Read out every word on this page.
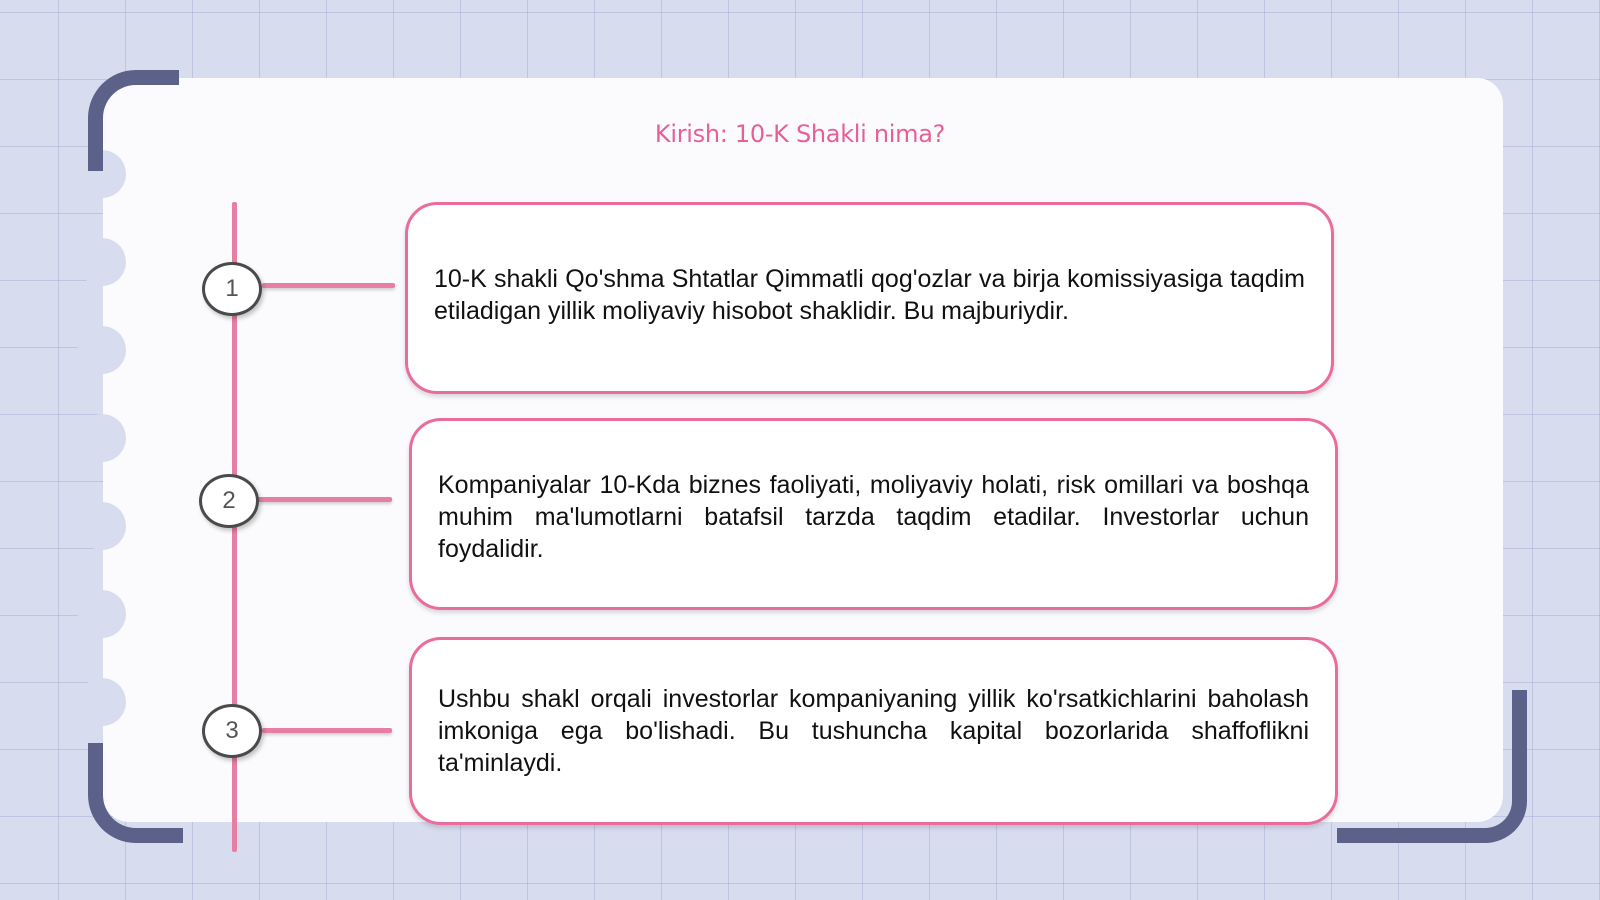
Kirish: 10-K Shakli nima?
1
2
3

10-K shakli Qo'shma Shtatlar Qimmatli qog'ozlar va birja komissiyasiga taqdim etiladigan yillik moliyaviy hisobot shaklidir. Bu majburiydir.

Kompaniyalar 10-Kda biznes faoliyati, moliyaviy holati, risk omillari va boshqa muhim ma'lumotlarni batafsil tarzda taqdim etadilar. Investorlar uchun foydalidir.

Ushbu shakl orqali investorlar kompaniyaning yillik ko'rsatkichlarini baholash imkoniga ega bo'lishadi. Bu tushuncha kapital bozorlarida shaffoflikni ta'minlaydi.
